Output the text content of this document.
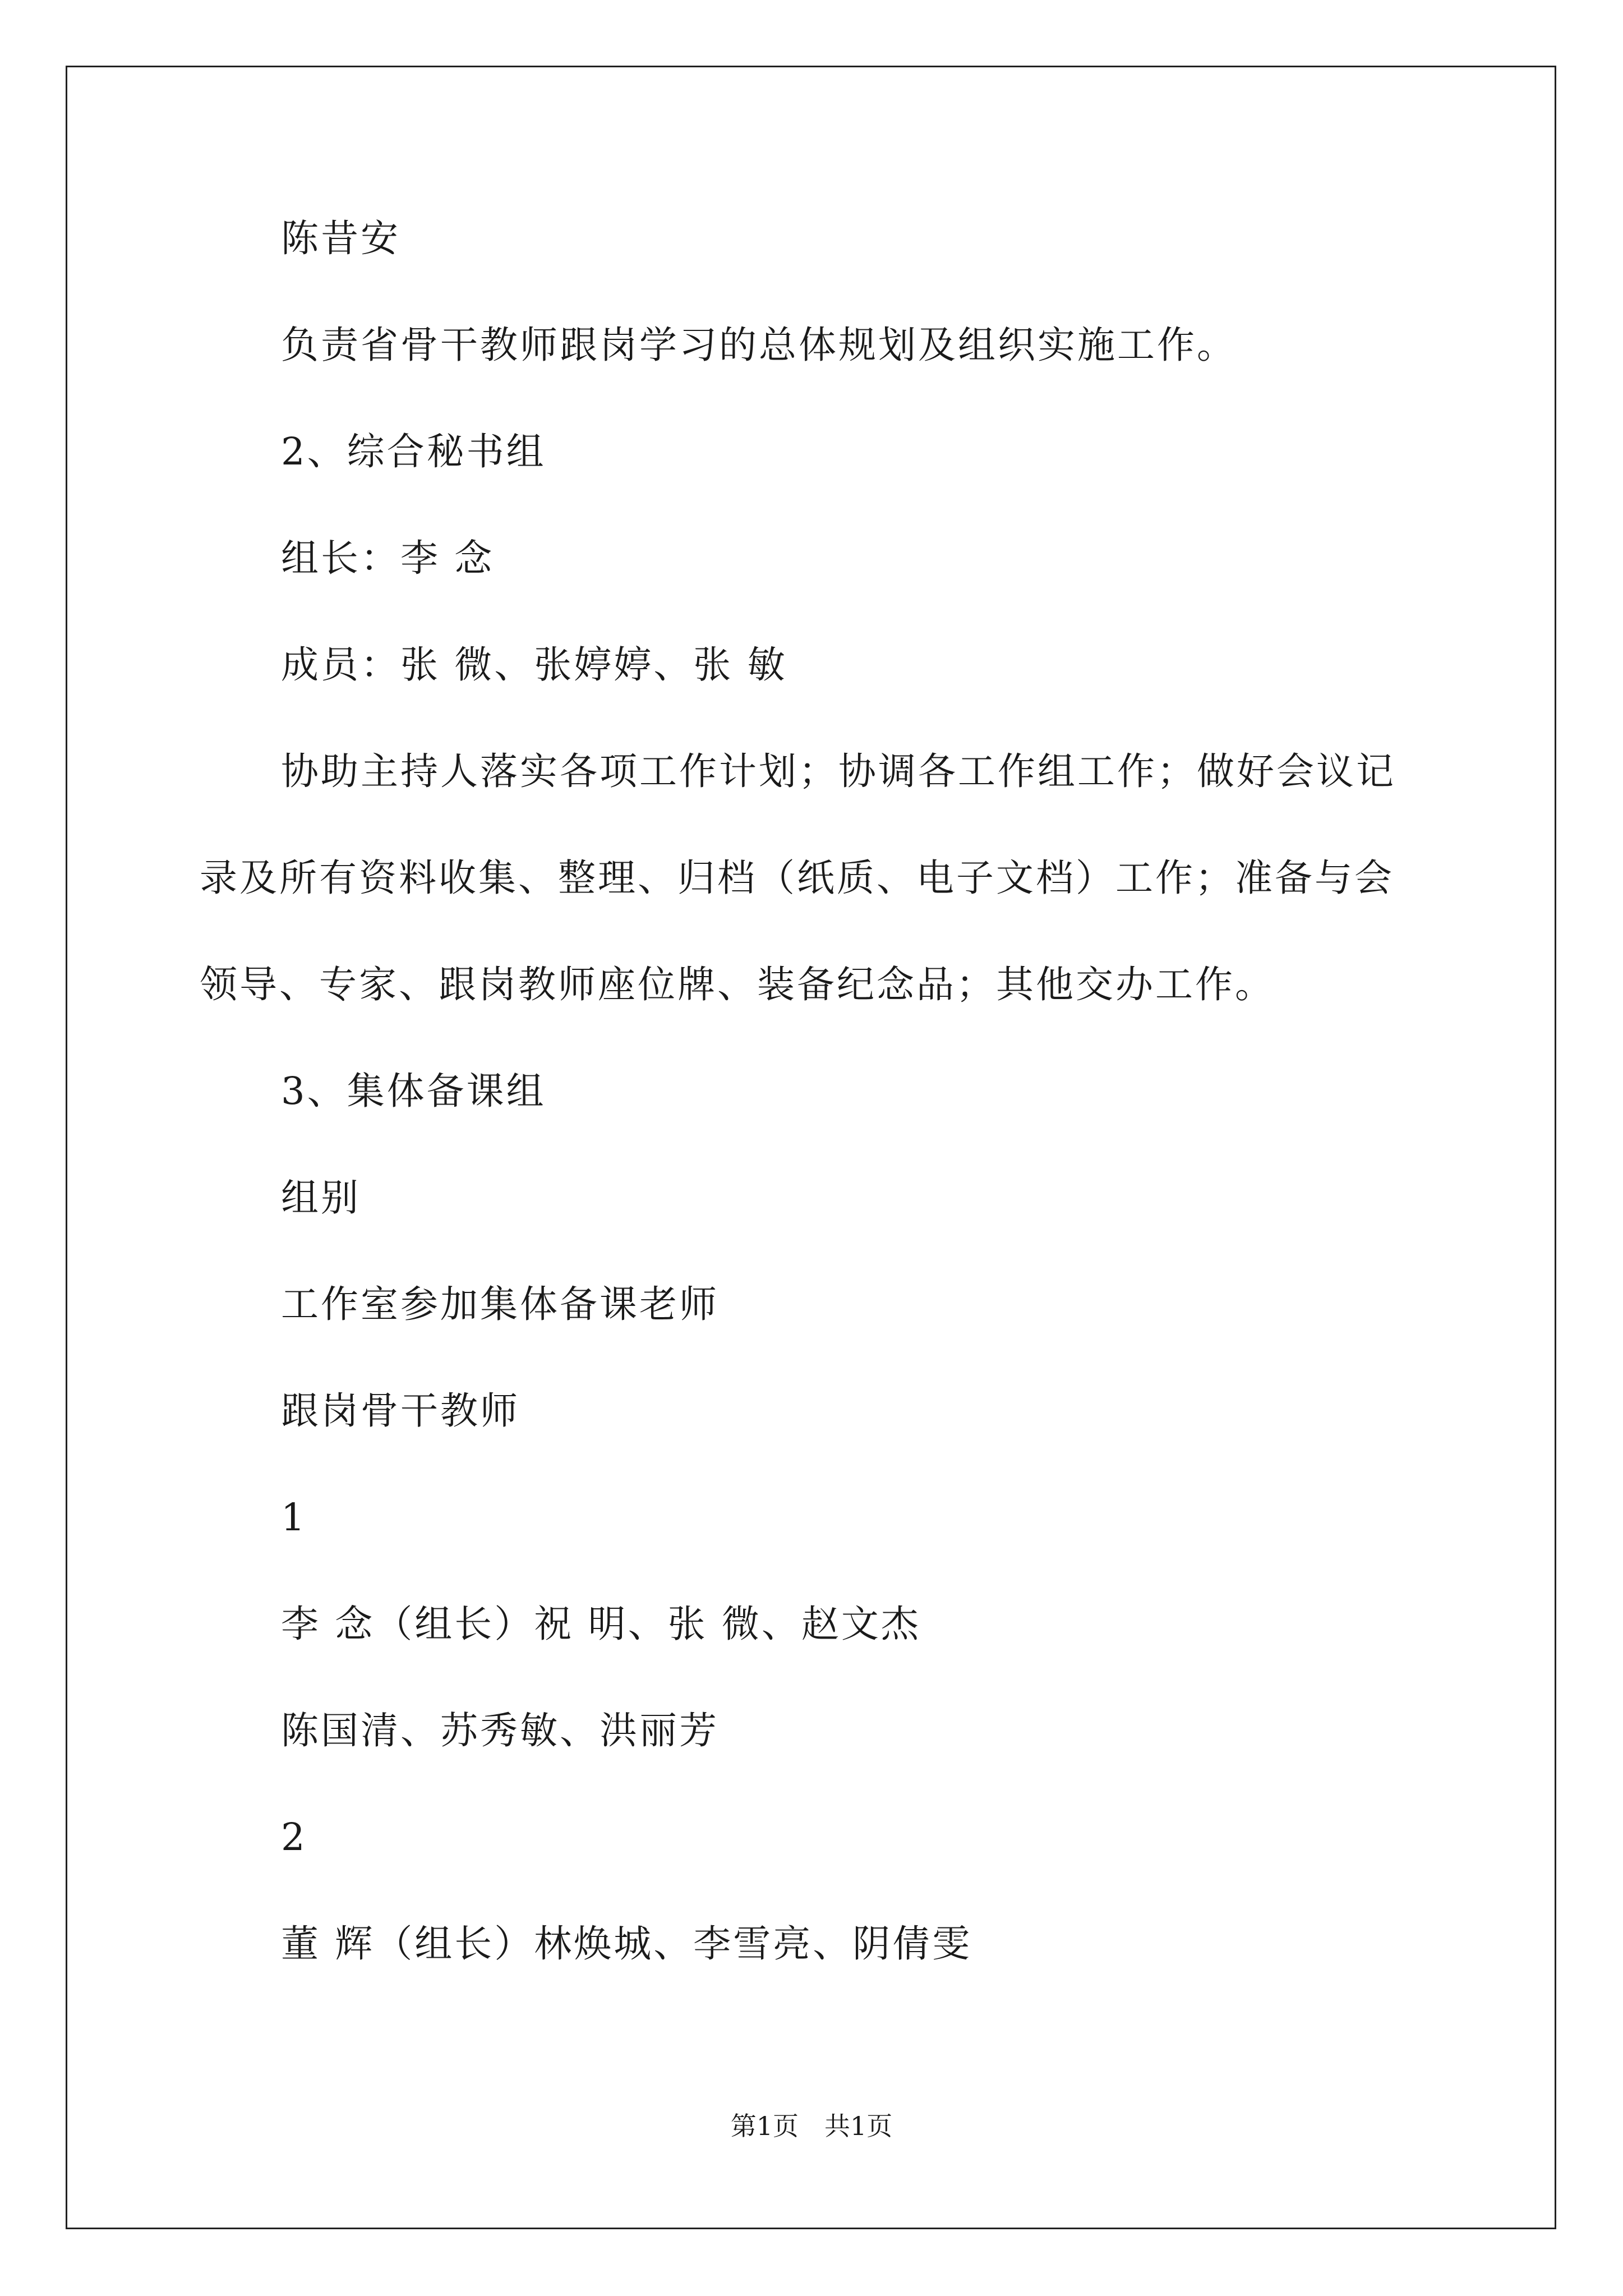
陈昔安
负责省骨干教师跟岗学习的总体规划及组织实施工作。
2、综合秘书组
组长：李 念
成员：张 微、张婷婷、张 敏
协助主持人落实各项工作计划；协调各工作组工作；做好会议记
录及所有资料收集、整理、归档（纸质、电子文档）工作；准备与会
领导、专家、跟岗教师座位牌、装备纪念品；其他交办工作。
3、集体备课组
组别
工作室参加集体备课老师
跟岗骨干教师
1
李 念（组长）祝 明、张 微、赵文杰
陈国清、苏秀敏、洪丽芳
2
董 辉（组长）林焕城、李雪亮、阴倩雯
第1页 共1页
